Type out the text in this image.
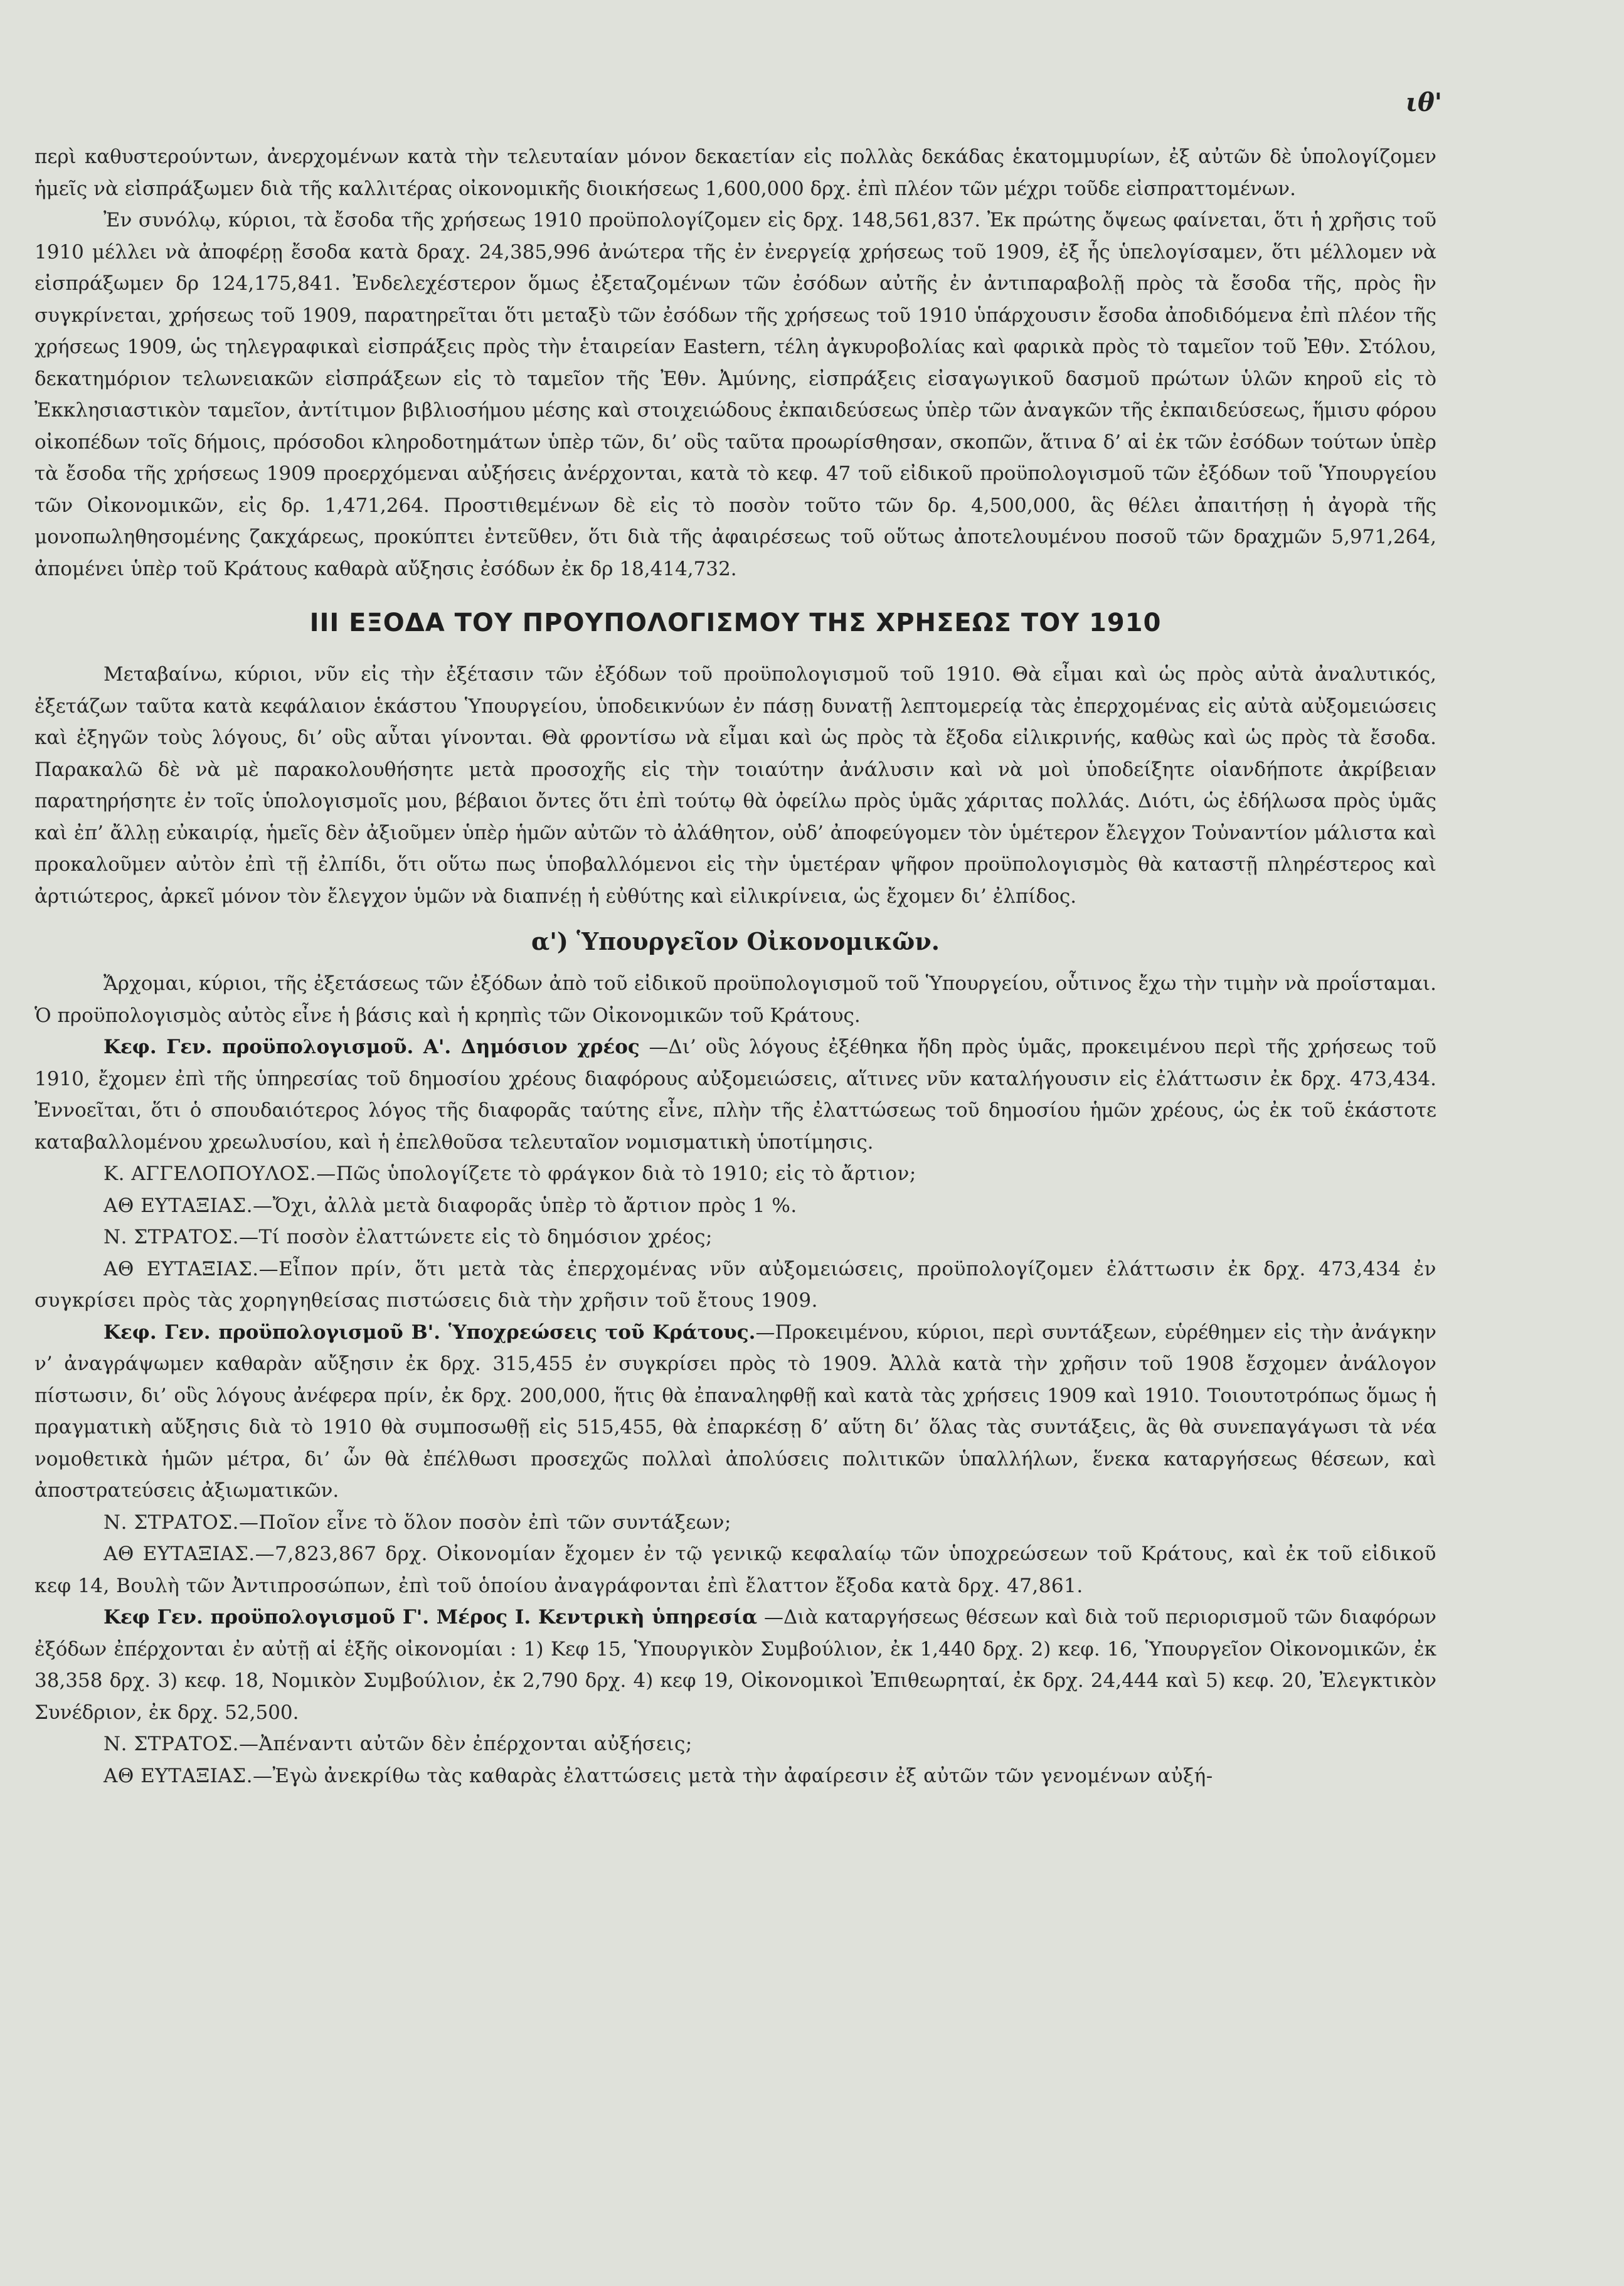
ιθ'

περὶ καθυστερούντων, ἀνερχομένων κατὰ τὴν τελευταίαν μόνον δεκαετίαν εἰς πολλὰς δεκάδας ἑκατομμυρίων, ἐξ αὐτῶν δὲ ὑπολογίζομεν ἡμεῖς νὰ εἰσπράξωμεν διὰ τῆς καλλιτέρας οἰκονομικῆς διοικήσεως 1,600,000 δρχ. ἐπὶ πλέον τῶν μέχρι τοῦδε εἰσπραττομένων.

Ἐν συνόλῳ, κύριοι, τὰ ἔσοδα τῆς χρήσεως 1910 προϋπολογίζομεν εἰς δρχ. 148,561,837. Ἐκ πρώτης ὄψεως φαίνεται, ὅτι ἡ χρῆσις τοῦ 1910 μέλλει νὰ ἀποφέρῃ ἔσοδα κατὰ δραχ. 24,385,996 ἀνώτερα τῆς ἐν ἐνεργείᾳ χρήσεως τοῦ 1909, ἐξ ἧς ὑπελογίσαμεν, ὅτι μέλλομεν νὰ εἰσπράξωμεν δρ 124,175,841. Ἐνδελεχέστερον ὅμως ἐξεταζομένων τῶν ἐσόδων αὐτῆς ἐν ἀντιπαραβολῇ πρὸς τὰ ἔσοδα τῆς, πρὸς ἣν συγκρίνεται, χρήσεως τοῦ 1909, παρατηρεῖται ὅτι μεταξὺ τῶν ἐσόδων τῆς χρήσεως τοῦ 1910 ὑπάρχουσιν ἔσοδα ἀποδιδόμενα ἐπὶ πλέον τῆς χρήσεως 1909, ὡς τηλεγραφικαὶ εἰσπράξεις πρὸς τὴν ἑταιρείαν Eastern, τέλη ἀγκυροβολίας καὶ φαρικὰ πρὸς τὸ ταμεῖον τοῦ Ἐθν. Στόλου, δεκατημόριον τελωνειακῶν εἰσπράξεων εἰς τὸ ταμεῖον τῆς Ἐθν. Ἀμύνης, εἰσπράξεις εἰσαγωγικοῦ δασμοῦ πρώτων ὑλῶν κηροῦ εἰς τὸ Ἐκκλησιαστικὸν ταμεῖον, ἀντίτιμον βιβλιοσήμου μέσης καὶ στοιχειώδους ἐκπαιδεύσεως ὑπὲρ τῶν ἀναγκῶν τῆς ἐκπαιδεύσεως, ἥμισυ φόρου οἰκοπέδων τοῖς δήμοις, πρόσοδοι κληροδοτημάτων ὑπὲρ τῶν, δι’ οὓς ταῦτα προωρίσθησαν, σκοπῶν, ἅτινα δ’ αἱ ἐκ τῶν ἐσόδων τούτων ὑπὲρ τὰ ἔσοδα τῆς χρήσεως 1909 προερχόμεναι αὐξήσεις ἀνέρχονται, κατὰ τὸ κεφ. 47 τοῦ εἰδικοῦ προϋπολογισμοῦ τῶν ἐξόδων τοῦ Ὑπουργείου τῶν Οἰκονομικῶν, εἰς δρ. 1,471,264. Προστιθεμένων δὲ εἰς τὸ ποσὸν τοῦτο τῶν δρ. 4,500,000, ἃς θέλει ἀπαιτήσῃ ἡ ἀγορὰ τῆς μονοπωληθησομένης ζακχάρεως, προκύπτει ἐντεῦθεν, ὅτι διὰ τῆς ἀφαιρέσεως τοῦ οὕτως ἀποτελουμένου ποσοῦ τῶν δραχμῶν 5,971,264, ἀπομένει ὑπὲρ τοῦ Κράτους καθαρὰ αὔξησις ἐσόδων ἐκ δρ 18,414,732.

III ΕΞΟΔΑ ΤΟΥ ΠΡΟΥΠΟΛΟΓΙΣΜΟΥ ΤΗΣ ΧΡΗΣΕΩΣ ΤΟΥ 1910

Μεταβαίνω, κύριοι, νῦν εἰς τὴν ἐξέτασιν τῶν ἐξόδων τοῦ προϋπολογισμοῦ τοῦ 1910. Θὰ εἶμαι καὶ ὡς πρὸς αὐτὰ ἀναλυτικός, ἐξετάζων ταῦτα κατὰ κεφάλαιον ἑκάστου Ὑπουργείου, ὑποδεικνύων ἐν πάσῃ δυνατῇ λεπτομερείᾳ τὰς ἐπερχομένας εἰς αὐτὰ αὐξομειώσεις καὶ ἐξηγῶν τοὺς λόγους, δι’ οὓς αὗται γίνονται. Θὰ φροντίσω νὰ εἶμαι καὶ ὡς πρὸς τὰ ἔξοδα εἰλικρινής, καθὼς καὶ ὡς πρὸς τὰ ἔσοδα. Παρακαλῶ δὲ νὰ μὲ παρακολουθήσητε μετὰ προσοχῆς εἰς τὴν τοιαύτην ἀνάλυσιν καὶ νὰ μοὶ ὑποδείξητε οἱανδήποτε ἀκρίβειαν παρατηρήσητε ἐν τοῖς ὑπολογισμοῖς μου, βέβαιοι ὄντες ὅτι ἐπὶ τούτῳ θὰ ὀφείλω πρὸς ὑμᾶς χάριτας πολλάς. Διότι, ὡς ἐδήλωσα πρὸς ὑμᾶς καὶ ἐπ’ ἄλλῃ εὐκαιρίᾳ, ἡμεῖς δὲν ἀξιοῦμεν ὑπὲρ ἡμῶν αὐτῶν τὸ ἀλάθητον, οὐδ’ ἀποφεύγομεν τὸν ὑμέτερον ἔλεγχον Τοὐναντίον μάλιστα καὶ προκαλοῦμεν αὐτὸν ἐπὶ τῇ ἐλπίδι, ὅτι οὕτω πως ὑποβαλλόμενοι εἰς τὴν ὑμετέραν ψῆφον προϋπολογισμὸς θὰ καταστῇ πληρέστερος καὶ ἀρτιώτερος, ἀρκεῖ μόνον τὸν ἔλεγχον ὑμῶν νὰ διαπνέῃ ἡ εὐθύτης καὶ εἰλικρίνεια, ὡς ἔχομεν δι’ ἐλπίδος.

α') Ὑπουργεῖον Οἰκονομικῶν.

Ἄρχομαι, κύριοι, τῆς ἐξετάσεως τῶν ἐξόδων ἀπὸ τοῦ εἰδικοῦ προϋπολογισμοῦ τοῦ Ὑπουργείου, οὗτινος ἔχω τὴν τιμὴν νὰ προΐσταμαι. Ὁ προϋπολογισμὸς αὐτὸς εἶνε ἡ βάσις καὶ ἡ κρηπὶς τῶν Οἰκονομικῶν τοῦ Κράτους.

Κεφ. Γεν. προϋπολογισμοῦ. Α'. Δημόσιον χρέος —Δι’ οὓς λόγους ἐξέθηκα ἤδη πρὸς ὑμᾶς, προκειμένου περὶ τῆς χρήσεως τοῦ 1910, ἔχομεν ἐπὶ τῆς ὑπηρεσίας τοῦ δημοσίου χρέους διαφόρους αὐξομειώσεις, αἵτινες νῦν καταλήγουσιν εἰς ἐλάττωσιν ἐκ δρχ. 473,434. Ἐννοεῖται, ὅτι ὁ σπουδαιότερος λόγος τῆς διαφορᾶς ταύτης εἶνε, πλὴν τῆς ἐλαττώσεως τοῦ δημοσίου ἡμῶν χρέους, ὡς ἐκ τοῦ ἑκάστοτε καταβαλλομένου χρεωλυσίου, καὶ ἡ ἐπελθοῦσα τελευταῖον νομισματικὴ ὑποτίμησις.

Κ. ΑΓΓΕΛΟΠΟΥΛΟΣ.—Πῶς ὑπολογίζετε τὸ φράγκον διὰ τὸ 1910; εἰς τὸ ἄρτιον;

ΑΘ ΕΥΤΑΞΙΑΣ.—Ὄχι, ἀλλὰ μετὰ διαφορᾶς ὑπὲρ τὸ ἄρτιον πρὸς 1 %.

Ν. ΣΤΡΑΤΟΣ.—Τί ποσὸν ἐλαττώνετε εἰς τὸ δημόσιον χρέος;

ΑΘ ΕΥΤΑΞΙΑΣ.—Εἶπον πρίν, ὅτι μετὰ τὰς ἐπερχομένας νῦν αὐξομειώσεις, προϋπολογίζομεν ἐλάττωσιν ἐκ δρχ. 473,434 ἐν συγκρίσει πρὸς τὰς χορηγηθείσας πιστώσεις διὰ τὴν χρῆσιν τοῦ ἔτους 1909.

Κεφ. Γεν. προϋπολογισμοῦ Β'. Ὑποχρεώσεις τοῦ Κράτους.—Προκειμένου, κύριοι, περὶ συντάξεων, εὑρέθημεν εἰς τὴν ἀνάγκην ν’ ἀναγράψωμεν καθαρὰν αὔξησιν ἐκ δρχ. 315,455 ἐν συγκρίσει πρὸς τὸ 1909. Ἀλλὰ κατὰ τὴν χρῆσιν τοῦ 1908 ἔσχομεν ἀνάλογον πίστωσιν, δι’ οὓς λόγους ἀνέφερα πρίν, ἐκ δρχ. 200,000, ἥτις θὰ ἐπαναληφθῇ καὶ κατὰ τὰς χρήσεις 1909 καὶ 1910. Τοιουτοτρόπως ὅμως ἡ πραγματικὴ αὔξησις διὰ τὸ 1910 θὰ συμποσωθῇ εἰς 515,455, θὰ ἐπαρκέσῃ δ’ αὕτη δι’ ὅλας τὰς συντάξεις, ἃς θὰ συνεπαγάγωσι τὰ νέα νομοθετικὰ ἡμῶν μέτρα, δι’ ὧν θὰ ἐπέλθωσι προσεχῶς πολλαὶ ἀπολύσεις πολιτικῶν ὑπαλλήλων, ἕνεκα καταργήσεως θέσεων, καὶ ἀποστρατεύσεις ἀξιωματικῶν.

Ν. ΣΤΡΑΤΟΣ.—Ποῖον εἶνε τὸ ὅλον ποσὸν ἐπὶ τῶν συντάξεων;

ΑΘ ΕΥΤΑΞΙΑΣ.—7,823,867 δρχ. Οἰκονομίαν ἔχομεν ἐν τῷ γενικῷ κεφαλαίῳ τῶν ὑποχρεώσεων τοῦ Κράτους, καὶ ἐκ τοῦ εἰδικοῦ κεφ 14, Βουλὴ τῶν Ἀντιπροσώπων, ἐπὶ τοῦ ὁποίου ἀναγράφονται ἐπὶ ἔλαττον ἔξοδα κατὰ δρχ. 47,861.

Κεφ Γεν. προϋπολογισμοῦ Γ'. Μέρος Ι. Κεντρικὴ ὑπηρεσία —Διὰ καταργήσεως θέσεων καὶ διὰ τοῦ περιορισμοῦ τῶν διαφόρων ἐξόδων ἐπέρχονται ἐν αὐτῇ αἱ ἑξῆς οἰκονομίαι : 1) Κεφ 15, Ὑπουργικὸν Συμβούλιον, ἐκ 1,440 δρχ. 2) κεφ. 16, Ὑπουργεῖον Οἰκονομικῶν, ἐκ 38,358 δρχ. 3) κεφ. 18, Νομικὸν Συμβούλιον, ἐκ 2,790 δρχ. 4) κεφ 19, Οἰκονομικοὶ Ἐπιθεωρηταί, ἐκ δρχ. 24,444 καὶ 5) κεφ. 20, Ἐλεγκτικὸν Συνέδριον, ἐκ δρχ. 52,500.

Ν. ΣΤΡΑΤΟΣ.—Ἀπέναντι αὐτῶν δὲν ἐπέρχονται αὐξήσεις;

ΑΘ ΕΥΤΑΞΙΑΣ.—Ἐγὼ ἀνεκρίθω τὰς καθαρὰς ἐλαττώσεις μετὰ τὴν ἀφαίρεσιν ἐξ αὐτῶν τῶν γενομένων αὐξή-
